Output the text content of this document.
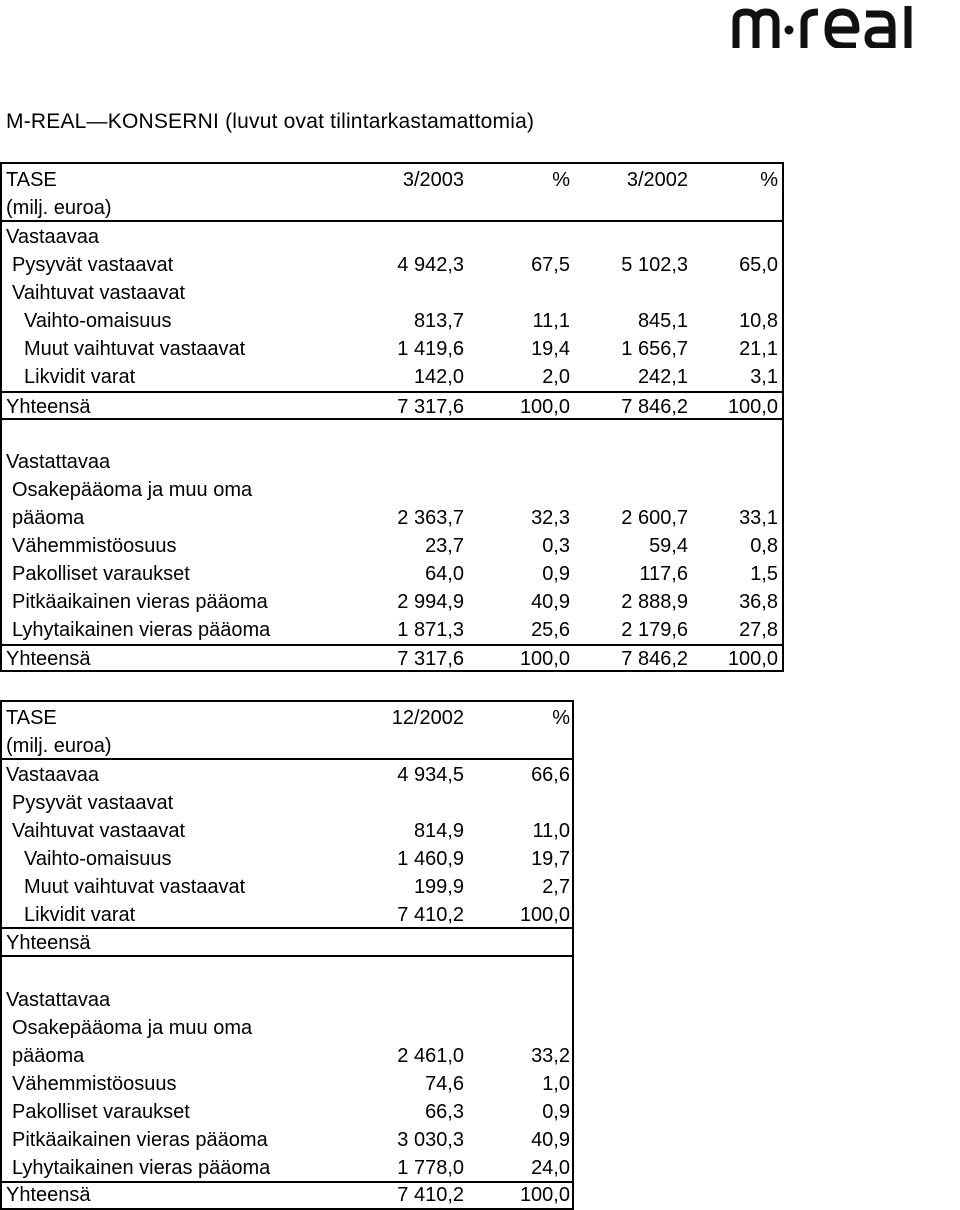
M-REAL—KONSERNI (luvut ovat tilintarkastamattomia)
TASE	3/2003	%	3/2002	%
(milj. euroa)
Vastaavaa
Pysyvät vastaavat	4 942,3	67,5	5 102,3	65,0
Vaihtuvat vastaavat
Vaihto-omaisuus	813,7	11,1	845,1	10,8
Muut vaihtuvat vastaavat	1 419,6	19,4	1 656,7	21,1
Likvidit varat	142,0	2,0	242,1	3,1
Yhteensä	7 317,6	100,0	7 846,2 100,0
Vastattavaa
Osakepääoma ja muu oma
pääoma	2 363,7	32,3	2 600,7	33,1
Vähemmistöosuus	23,7	0,3	59,4	0,8
Pakolliset varaukset	64,0	0,9	117,6	1,5
Pitkäaikainen vieras pääoma	2 994,9	40,9	2 888,9	36,8
Lyhytaikainen vieras pääoma	1 871,3	25,6	2 179,6	27,8
Yhteensä	7 317,6	100,0	7 846,2 100,0
TASE	12/2002	%
(milj. euroa)
Vastaavaa	4 934,5	66,6
Pysyvät vastaavat
Vaihtuvat vastaavat	814,9	11,0
Vaihto-omaisuus	1 460,9	19,7
Muut vaihtuvat vastaavat	199,9	2,7
Likvidit varat	7 410,2	100,0
Yhteensä
Vastattavaa
Osakepääoma ja muu oma
pääoma	2 461,0	33,2
Vähemmistöosuus	74,6	1,0
Pakolliset varaukset	66,3	0,9
Pitkäaikainen vieras pääoma	3 030,3	40,9
Lyhytaikainen vieras pääoma	1 778,0	24,0
Yhteensä	7 410,2	100,0
